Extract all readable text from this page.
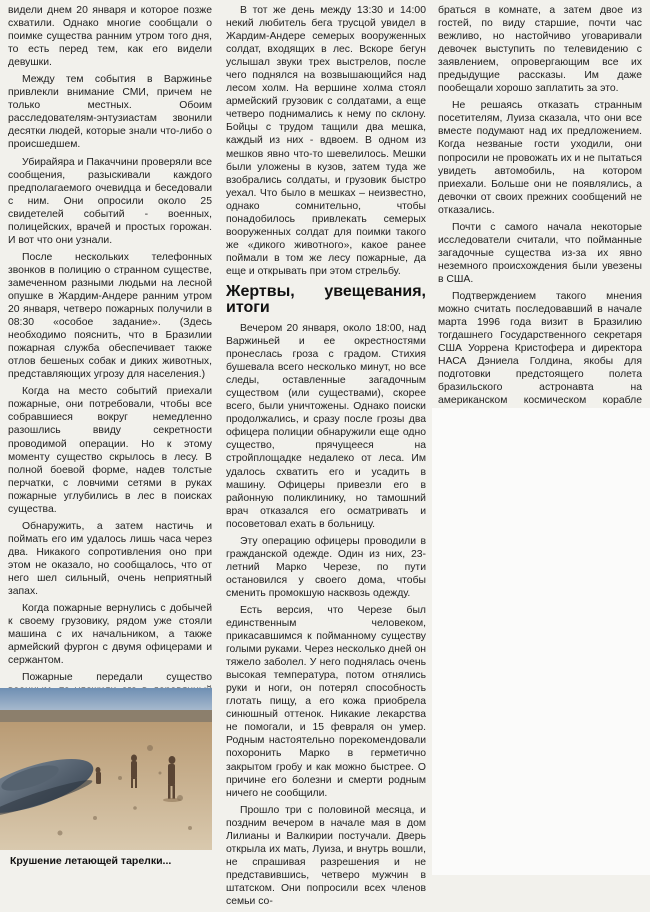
видели днем 20 января и которое позже схватили. Однако многие сообщали о поимке существа ранним утром того дня, то есть перед тем, как его видели девушки.

Между тем события в Варжиньe привлекли внимание СМИ, причем не только местных. Обоим расследователям-энтузиастам звонили десятки людей, которые знали что-либо о происшедшем.

Убирайяра и Пакаччини проверяли все сообщения, разыскивали каждого предполагаемого очевидца и беседовали с ним. Они опросили около 25 свидетелей событий - военных, полицейских, врачей и простых горожан. И вот что они узнали.

После нескольких телефонных звонков в полицию о странном существе, замеченном разными людьми на лесной опушке в Жардим-Андере ранним утром 20 января, четверо пожарных получили в 08:30 «особое задание». (Здесь необходимо пояснить, что в Бразилии пожарная служба обеспечивает также отлов бешеных собак и диких животных, представляющих угрозу для населения.)

Когда на место событий приехали пожарные, они потребовали, чтобы все собравшиеся вокруг немедленно разошлись ввиду секретности проводимой операции. Но к этому моменту существо скрылось в лесу. В полной боевой форме, надев толстые перчатки, с ловчими сетями в руках пожарные углубились в лес в поисках существа.

Обнаружить, а затем настичь и поймать его им удалось лишь часа через два. Никакого сопротивления оно при этом не оказало, но сообщалось, что от него шел сильный, очень неприятный запах.

Когда пожарные вернулись с добычей к своему грузовику, рядом уже стояли машина с их начальником, а также армейский фургон с двумя офицерами и сержантом.

Пожарные передали существо

Крушение летающей тарелки...

В тот же день между 13:30 и 14:00 некий любитель бега трусцой увидел в Жардим-Андере семерых вооруженных солдат, входящих в лес. Вскоре бегун услышал звуки трех выстрелов, после чего поднялся на возвышающийся над лесом холм. На вершине холма стоял армейский грузовик с солдатами, а еще четверо поднимались к нему по склону. Бойцы с трудом тащили два мешка, каждый из них - вдвоем. В одном из мешков явно что-то шевелилось. Мешки были уложены в кузов, затем туда же взобрались солдаты, и грузовик быстро уехал. Что было в мешках – неизвестно, однако сомнительно, чтобы понадобилось привлекать семерых вооруженных солдат для поимки такого же «дикого животного», какое ранее поймали в том же лесу пожарные, да еще и открывать при этом стрельбу.

Жертвы, увещевания, итоги

Вечером 20 января, около 18:00, над Варжиньей и ее окрестностями пронеслась гроза с градом. Стихия бушевала всего несколько минут, но все следы, оставленные загадочным существом (или существами), скорее всего, были уничтожены. Однако поиски продолжались, и сразу после грозы два офицера полиции обнаружили еще одно существо, прячущееся на стройплощадке недалеко от леса. Им удалось схватить его и усадить в машину. Офицеры привезли его в районную поликлинику, но тамошний врач отказался его осматривать и посоветовал ехать в больницу.

Эту операцию офицеры проводили в гражданской одежде. Один из них, 23-летний Марко Черезе, по пути остановился у своего дома, чтобы сменить промокшую насквозь одежду.

Есть версия, что Черезе был единственным человеком, прикасавшимся к пойманному существу голыми руками. Через несколько дней он тяжело заболел. У него поднялась очень высокая температура, потом отнялись руки и ноги, он потерял способность глотать пищу, а его кожа приобрела синюшный оттенок. Никакие лекарства не помогали, и 15 февраля он умер. Родным настоятельно порекомендовали похоронить Марко в герметично закрытом гробу и как можно быстрее. О причине его болезни и смерти родным ничего не сообщили.

Прошло три с половиной месяца, и поздним вечером в начале мая в дом Лилианы и Валкирии постучали. Дверь открыла их мать, Луиза, и внутрь вошли, не спрашивая разрешения и не представившись, четверо мужчин в штатском. Они попросили всех членов семьи со-

браться в комнате, а затем двое из гостей, по виду старшие, почти час вежливо, но настойчиво уговаривали девочек выступить по телевидению с заявлением, опровергающим все их предыдущие рассказы. Им даже пообещали хорошо заплатить за это.

Не решаясь отказать странным посетителям, Луиза сказала, что они все вместе подумают над их предложением. Когда незваные гости уходили, они попросили не провожать их и не пытаться увидеть автомобиль, на котором приехали. Больше они не появлялись, а девочки от своих прежних сообщений не отказались.

Почти с самого начала некоторые исследователи считали, что пойманные загадочные существа из-за их явно неземного происхождения были увезены в США.

Подтверждением такого мнения можно считать последовавший в начале марта 1996 года визит в Бразилию тогдашнего Государственного секретаря США Уоррена Кристофера и директора НАСА Дэниела Голдина, якобы для подготовки предстоящего полета бразильского астронавта на американском космическом корабле
